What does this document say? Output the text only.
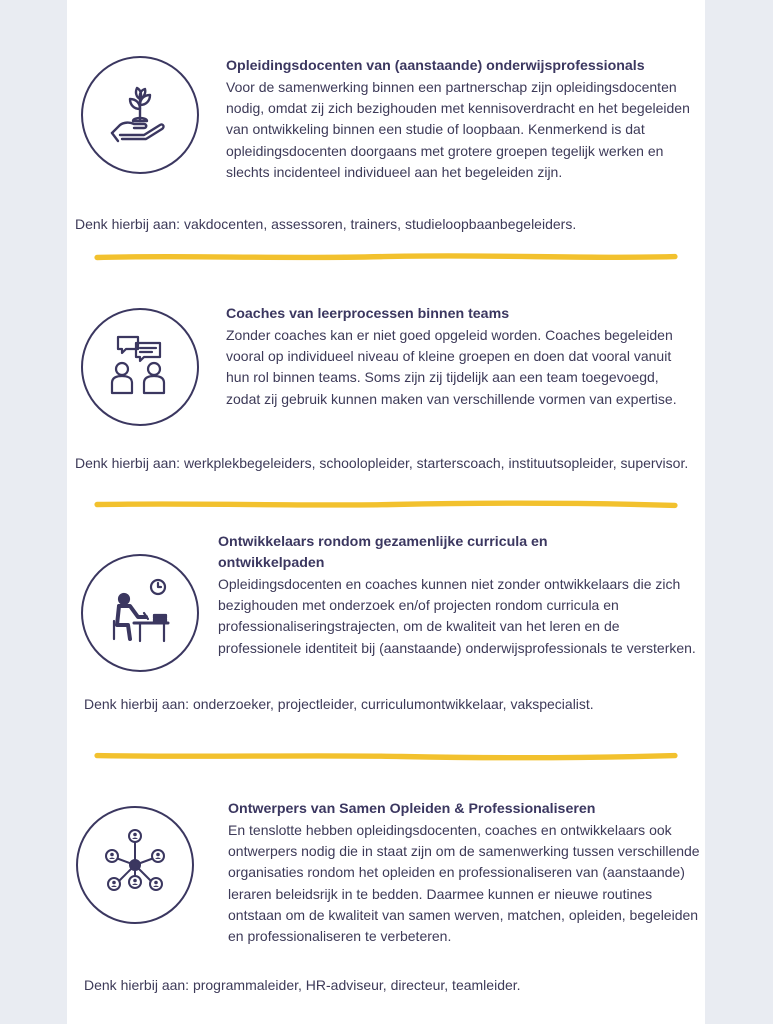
Opleidingsdocenten van (aanstaande) onderwijsprofessionals
Voor de samenwerking binnen een partnerschap zijn opleidingsdocenten nodig, omdat zij zich bezighouden met kennisoverdracht en het begeleiden van ontwikkeling binnen een studie of loopbaan. Kenmerkend is dat opleidingsdocenten doorgaans met grotere groepen tegelijk werken en slechts incidenteel individueel aan het begeleiden zijn.
Denk hierbij aan: vakdocenten, assessoren, trainers, studieloopbaanbegeleiders.
Coaches van leerprocessen binnen teams
Zonder coaches kan er niet goed opgeleid worden. Coaches begeleiden vooral op individueel niveau of kleine groepen en doen dat vooral vanuit hun rol binnen teams. Soms zijn zij tijdelijk aan een team toegevoegd, zodat zij gebruik kunnen maken van verschillende vormen van expertise.
Denk hierbij aan: werkplekbegeleiders, schoolopleider, starterscoach, instituutsopleider, supervisor.
Ontwikkelaars rondom gezamenlijke curricula en ontwikkelpaden
Opleidingsdocenten en coaches kunnen niet zonder ontwikkelaars die zich bezighouden met onderzoek en/of projecten rondom curricula en professionaliseringstrajecten, om de kwaliteit van het leren en de professionele identiteit bij (aanstaande) onderwijsprofessionals te versterken.
Denk hierbij aan: onderzoeker, projectleider, curriculumontwikkelaar, vakspecialist.
Ontwerpers van Samen Opleiden & Professionaliseren
En tenslotte hebben opleidingsdocenten, coaches en ontwikkelaars ook ontwerpers nodig die in staat zijn om de samenwerking tussen verschillende organisaties rondom het opleiden en professionaliseren van (aanstaande) leraren beleidsrijk in te bedden. Daarmee kunnen er nieuwe routines ontstaan om de kwaliteit van samen werven, matchen, opleiden, begeleiden en professionaliseren te verbeteren.
Denk hierbij aan: programmaleider, HR-adviseur, directeur, teamleider.
